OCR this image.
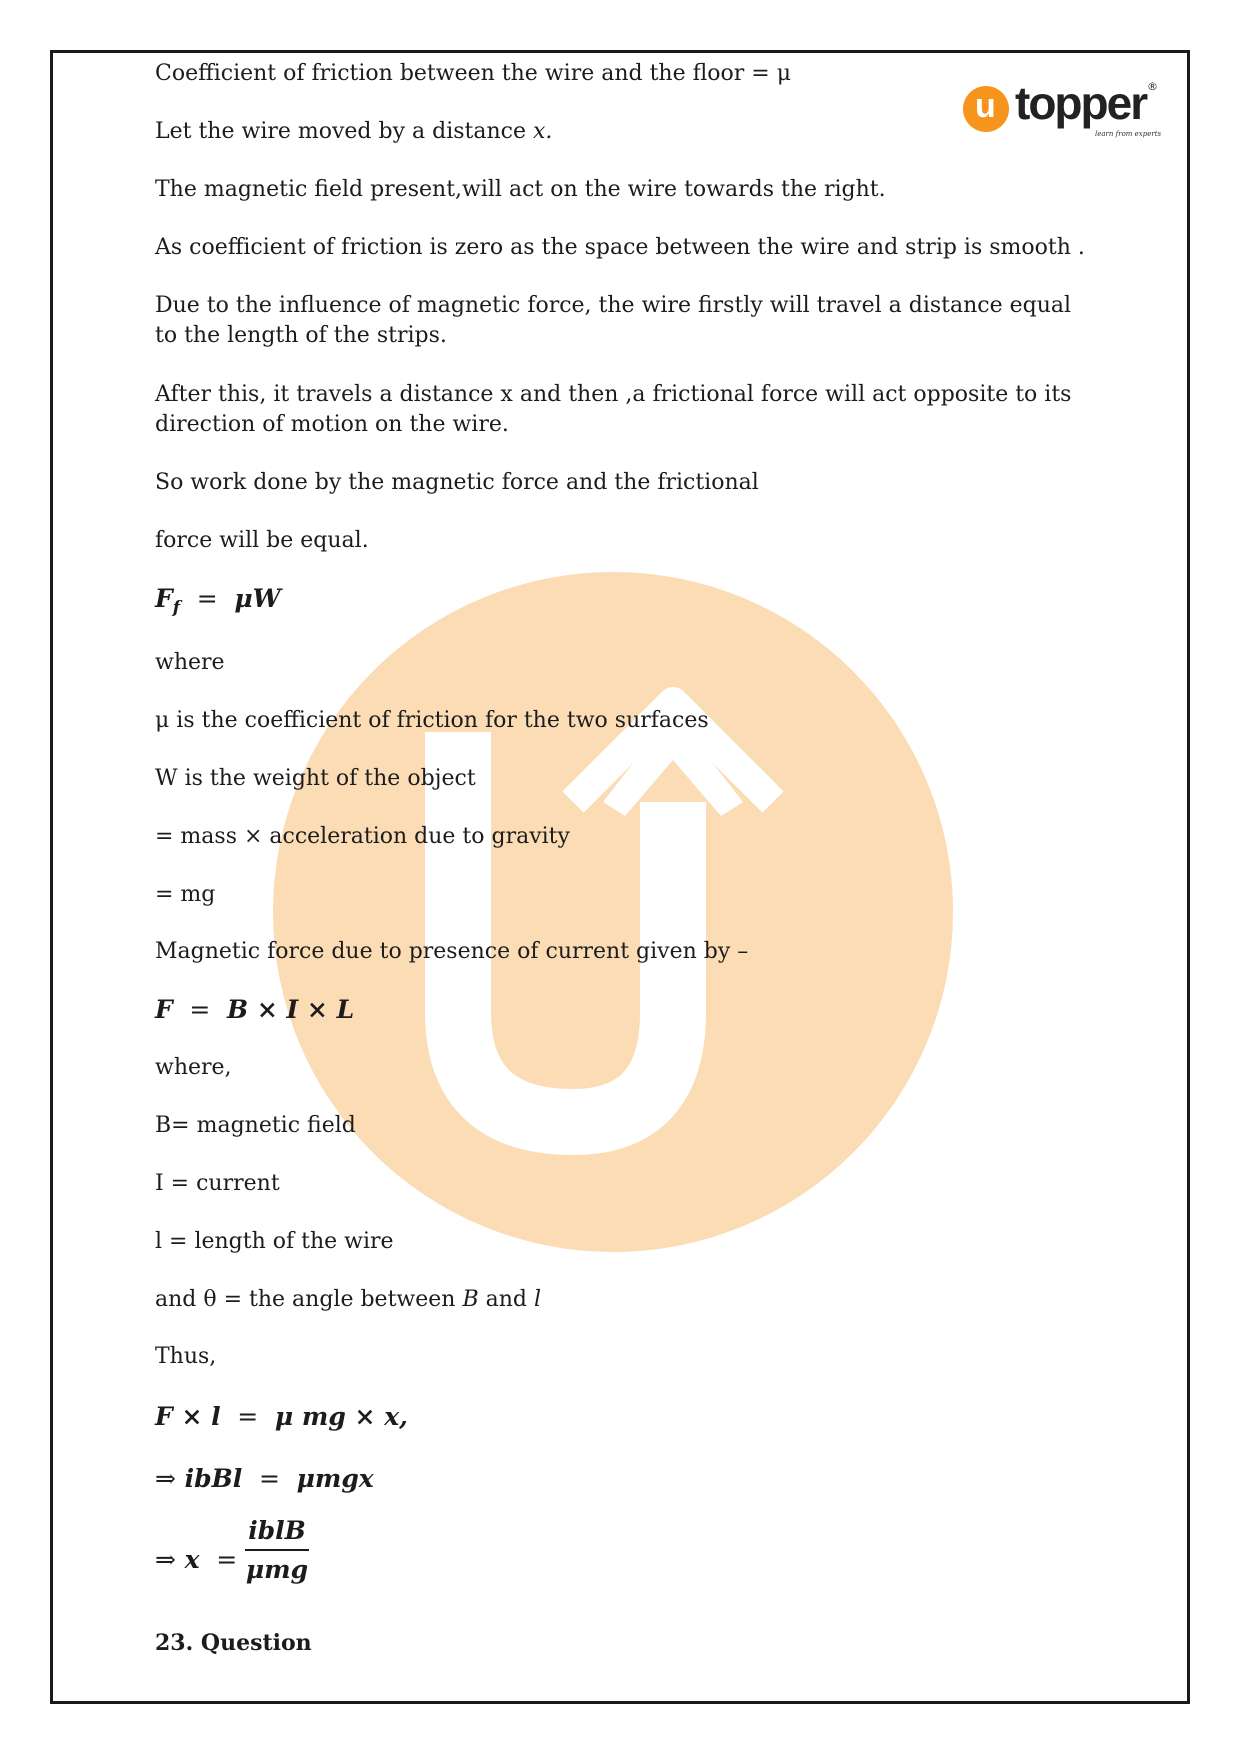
u topper ®
learn from experts

Coefficient of friction between the wire and the floor = μ

Let the wire moved by a distance x.

The magnetic field present,will act on the wire towards the right.

As coefficient of friction is zero as the space between the wire and strip is smooth .

Due to the influence of magnetic force, the wire firstly will travel a distance equal

to the length of the strips.

After this, it travels a distance x and then ,a frictional force will act opposite to its

direction of motion on the wire.

So work done by the magnetic force and the frictional

force will be equal.

$F_f = \mu W$

where

μ is the coefficient of friction for the two surfaces

W is the weight of the object

= mass × acceleration due to gravity

= mg

Magnetic force due to presence of current given by –

F = B × I × L

where,

B= magnetic field

I = current

l = length of the wire

and θ = the angle between B and l

Thus,

F × l = μ mg × x,

⇒ ibBl = μmgx

⇒ x =
iblB
μmg

23. Question
